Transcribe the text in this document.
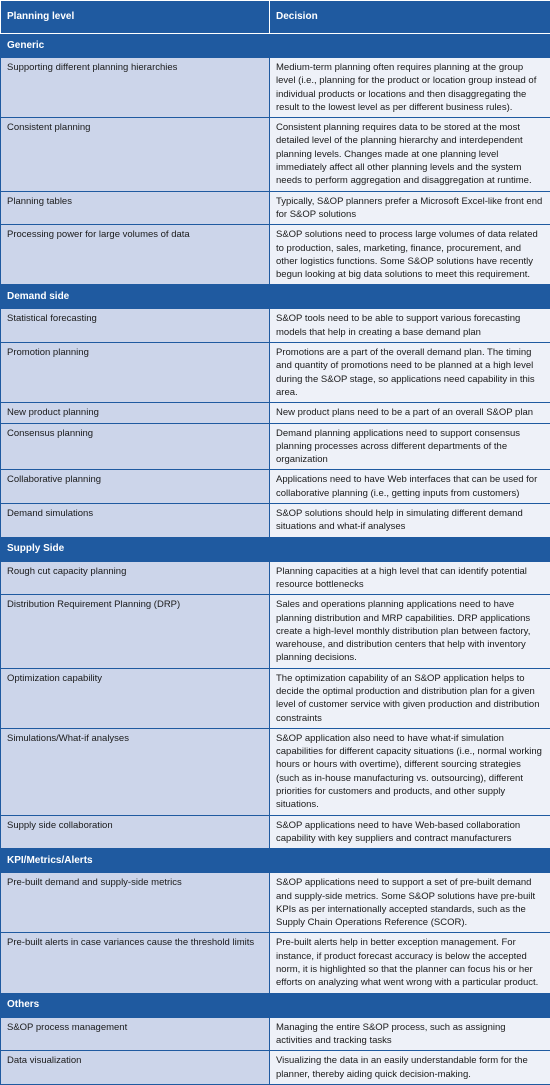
Planning level	Decision
Generic	
Supporting different planning hierarchies	Medium-term planning often requires planning at the group level (i.e., planning for the product or location group instead of individual products or locations and then disaggregating the result to the lowest level as per different business rules).
Consistent planning	Consistent planning requires data to be stored at the most detailed level of the planning hierarchy and interdependent planning levels. Changes made at one planning level immediately affect all other planning levels and the system needs to perform aggregation and disaggregation at runtime.
Planning tables	Typically, S&OP planners prefer a Microsoft Excel-like front end for S&OP solutions
Processing power for large volumes of data	S&OP solutions need to process large volumes of data related to production, sales, marketing, finance, procurement, and other logistics functions. Some S&OP solutions have recently begun looking at big data solutions to meet this requirement.
Demand side	
Statistical forecasting	S&OP tools need to be able to support various forecasting models that help in creating a base demand plan
Promotion planning	Promotions are a part of the overall demand plan. The timing and quantity of promotions need to be planned at a high level during the S&OP stage, so applications need capability in this area.
New product planning	New product plans need to be a part of an overall S&OP plan
Consensus planning	Demand planning applications need to support consensus planning processes across different departments of the organization
Collaborative planning	Applications need to have Web interfaces that can be used for collaborative planning (i.e., getting inputs from customers)
Demand simulations	S&OP solutions should help in simulating different demand situations and what-if analyses
Supply Side	
Rough cut capacity planning	Planning capacities at a high level that can identify potential resource bottlenecks
Distribution Requirement Planning (DRP)	Sales and operations planning applications need to have planning distribution and MRP capabilities. DRP applications create a high-level monthly distribution plan between factory, warehouse, and distribution centers that help with inventory planning decisions.
Optimization capability	The optimization capability of an S&OP application helps to decide the optimal production and distribution plan for a given level of customer service with given production and distribution constraints
Simulations/What-if analyses	S&OP application also need to have what-if simulation capabilities for different capacity situations (i.e., normal working hours or hours with overtime), different sourcing strategies (such as in-house manufacturing vs. outsourcing), different priorities for customers and products, and other supply situations.
Supply side collaboration	S&OP applications need to have Web-based collaboration capability with key suppliers and contract manufacturers
KPI/Metrics/Alerts	
Pre-built demand and supply-side metrics	S&OP applications need to support a set of pre-built demand and supply-side metrics. Some S&OP solutions have pre-built KPIs as per internationally accepted standards, such as the Supply Chain Operations Reference (SCOR).
Pre-built alerts in case variances cause the threshold limits	Pre-built alerts help in better exception management. For instance, if product forecast accuracy is below the accepted norm, it is highlighted so that the planner can focus his or her efforts on analyzing what went wrong with a particular product.
Others	
S&OP process management	Managing the entire S&OP process, such as assigning activities and tracking tasks
Data visualization	Visualizing the data in an easily understandable form for the planner, thereby aiding quick decision-making.
